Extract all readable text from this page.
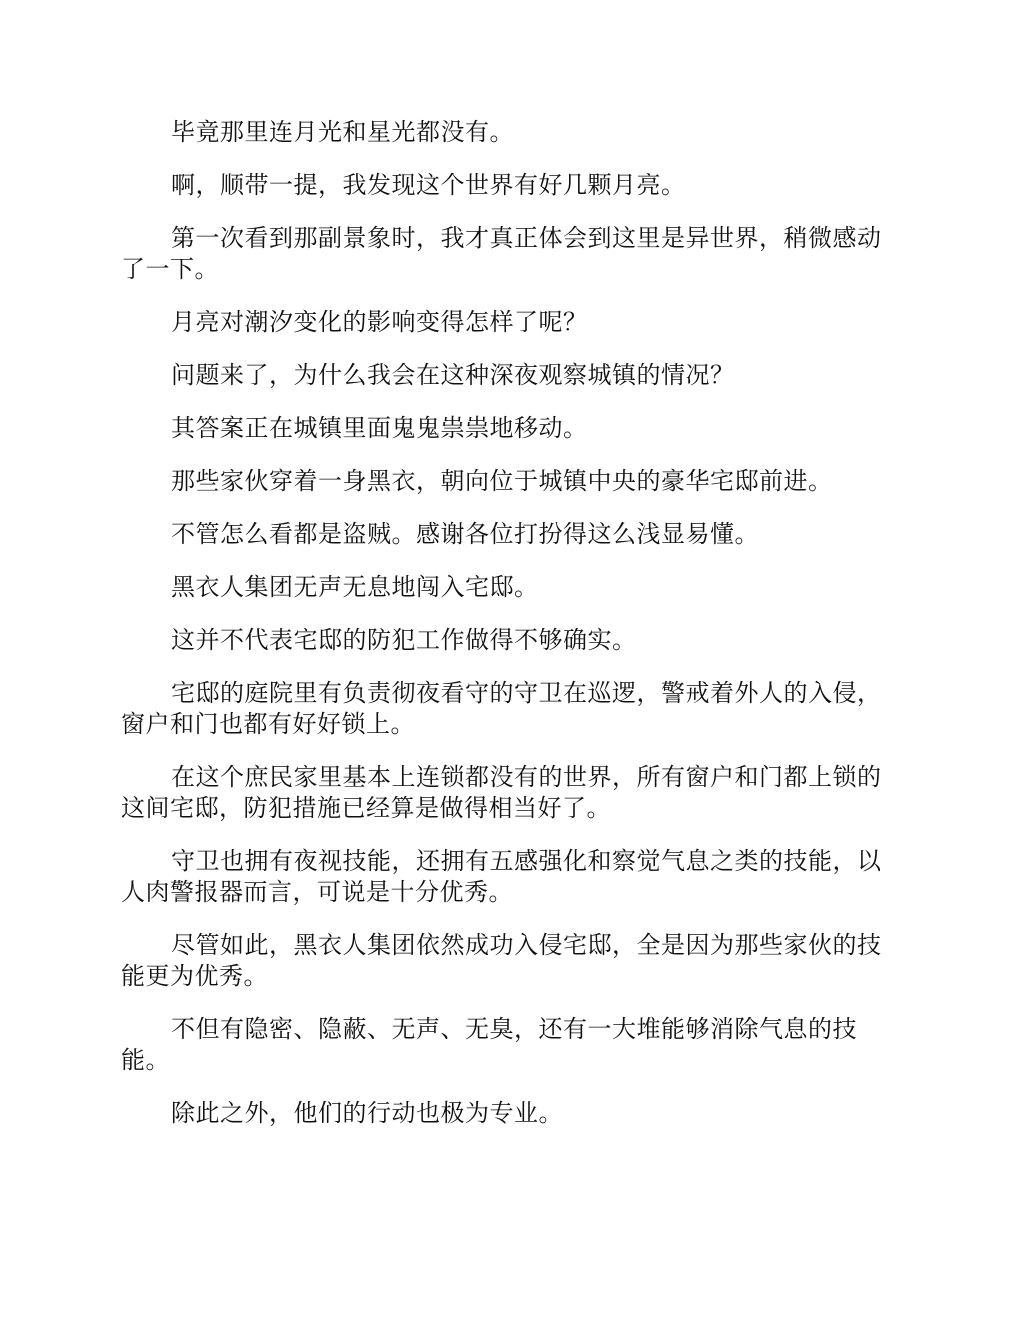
毕竟那里连月光和星光都没有。

啊，顺带一提，我发现这个世界有好几颗月亮。

第一次看到那副景象时，我才真正体会到这里是异世界，稍微感动了一下。

月亮对潮汐变化的影响变得怎样了呢？

问题来了，为什么我会在这种深夜观察城镇的情况？

其答案正在城镇里面鬼鬼祟祟地移动。

那些家伙穿着一身黑衣，朝向位于城镇中央的豪华宅邸前进。

不管怎么看都是盗贼。感谢各位打扮得这么浅显易懂。

黑衣人集团无声无息地闯入宅邸。

这并不代表宅邸的防犯工作做得不够确实。

宅邸的庭院里有负责彻夜看守的守卫在巡逻，警戒着外人的入侵，窗户和门也都有好好锁上。

在这个庶民家里基本上连锁都没有的世界，所有窗户和门都上锁的这间宅邸，防犯措施已经算是做得相当好了。

守卫也拥有夜视技能，还拥有五感强化和察觉气息之类的技能，以人肉警报器而言，可说是十分优秀。

尽管如此，黑衣人集团依然成功入侵宅邸，全是因为那些家伙的技能更为优秀。

不但有隐密、隐蔽、无声、无臭，还有一大堆能够消除气息的技能。

除此之外，他们的行动也极为专业。
